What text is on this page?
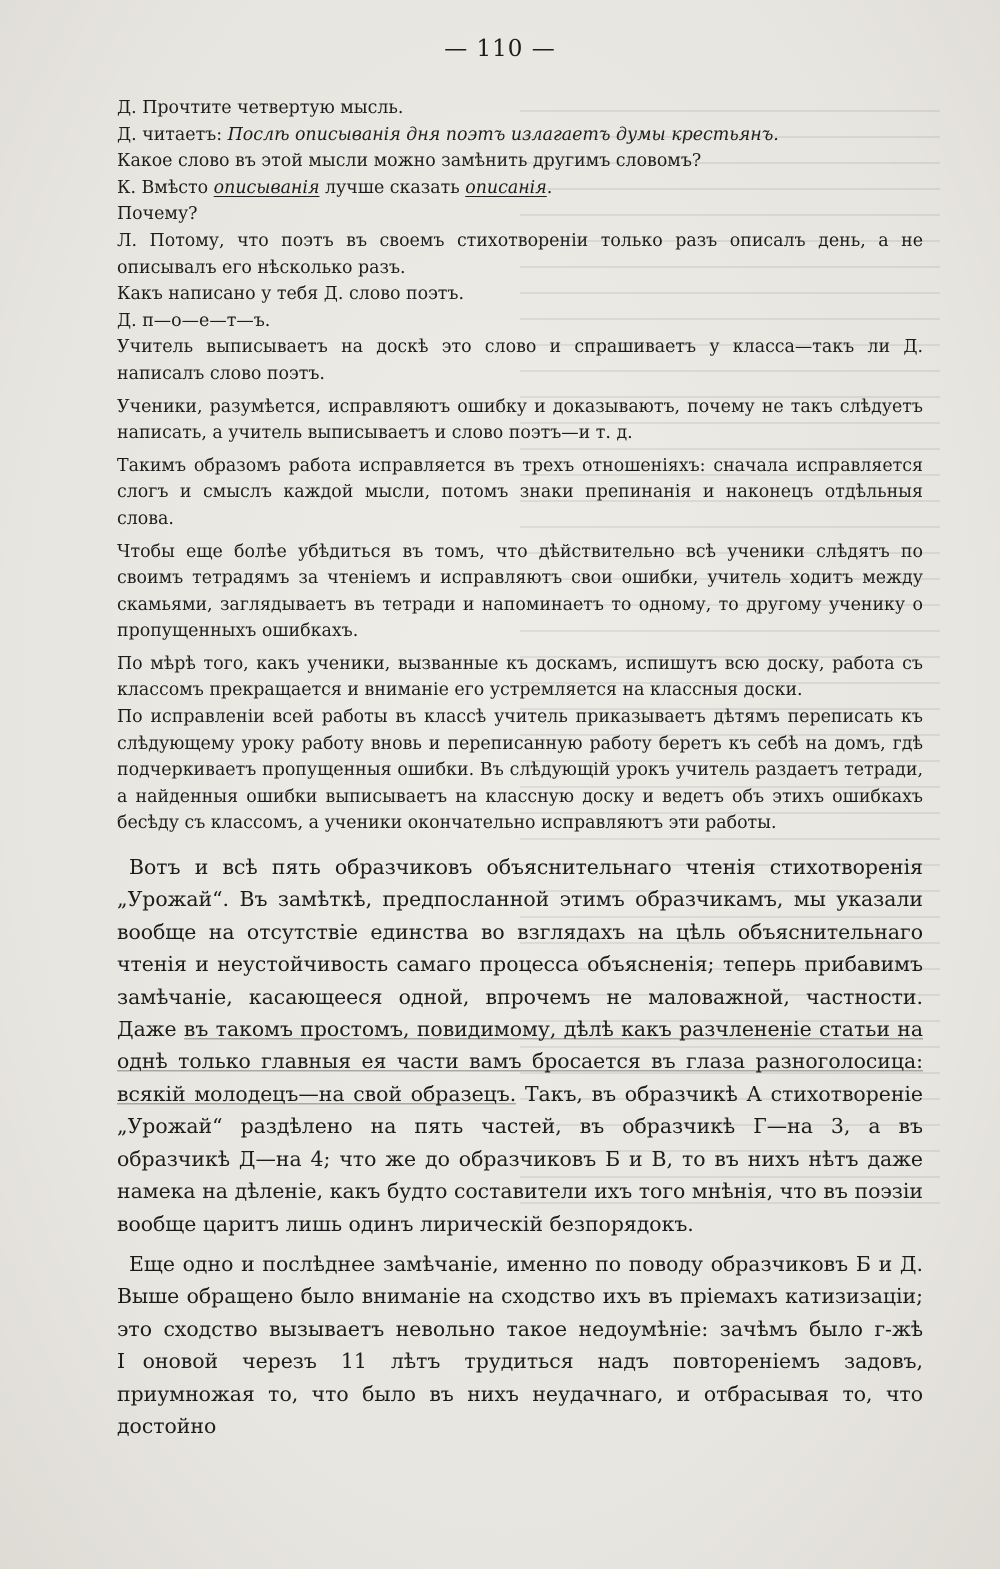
— 110 —

Д. Прочтите четвертую мысль.

Д. читаетъ: Послѣ описыванія дня поэтъ излагаетъ думы крестьянъ.

Какое слово въ этой мысли можно замѣнить другимъ словомъ?

К. Вмѣсто описыванія лучше сказать описанія.

Почему?

Л. Потому, что поэтъ въ своемъ стихотвореніи только разъ описалъ день, а не описывалъ его нѣсколько разъ.

Какъ написано у тебя Д. слово поэтъ.

Д. п—о—е—т—ъ.

Учитель выписываетъ на доскѣ это слово и спрашиваетъ у класса—такъ ли Д. написалъ слово поэтъ.

Ученики, разумѣется, исправляютъ ошибку и доказываютъ, почему не такъ слѣдуетъ написать, а учитель выписываетъ и слово поэтъ—и т. д.

Такимъ образомъ работа исправляется въ трехъ отношеніяхъ: сначала исправляется слогъ и смыслъ каждой мысли, потомъ знаки препинанія и наконецъ отдѣльныя слова.

Чтобы еще болѣе убѣдиться въ томъ, что дѣйствительно всѣ ученики слѣдятъ по своимъ тетрадямъ за чтеніемъ и исправляютъ свои ошибки, учитель ходитъ между скамьями, заглядываетъ въ тетради и напоминаетъ то одному, то другому ученику о пропущенныхъ ошибкахъ.

По мѣрѣ того, какъ ученики, вызванные къ доскамъ, испишутъ всю доску, работа съ классомъ прекращается и вниманіе его устремляется на классныя доски.

По исправленіи всей работы въ классѣ учитель приказываетъ дѣтямъ переписать къ слѣдующему уроку работу вновь и переписанную работу беретъ къ себѣ на домъ, гдѣ подчеркиваетъ пропущенныя ошибки. Въ слѣдующій урокъ учитель раздаетъ тетради, а найденныя ошибки выписываетъ на классную доску и ведетъ объ этихъ ошибкахъ бесѣду съ классомъ, а ученики окончательно исправляютъ эти работы.

Вотъ и всѣ пять образчиковъ объяснительнаго чтенія стихотворенія „Урожай“. Въ замѣткѣ, предпосланной этимъ образчикамъ, мы указали вообще на отсутствіе единства во взглядахъ на цѣль объяснительнаго чтенія и неустойчивость самаго процесса объясненія; теперь прибавимъ замѣчаніе, касающееся одной, впрочемъ не маловажной, частности. Даже въ такомъ простомъ, повидимому, дѣлѣ какъ разчлененіе статьи на однѣ только главныя ея части вамъ бросается въ глаза разноголосица: всякій молодецъ—на свой образецъ. Такъ, въ образчикѣ А стихотвореніе „Урожай“ раздѣлено на пять частей, въ образчикѣ Г—на 3, а въ образчикѣ Д—на 4; что же до образчиковъ Б и В, то въ нихъ нѣтъ даже намека на дѣленіе, какъ будто составители ихъ того мнѣнія, что въ поэзіи вообще царитъ лишь одинъ лирическій безпорядокъ.

Еще одно и послѣднее замѣчаніе, именно по поводу образчиковъ Б и Д. Выше обращено было вниманіе на сходство ихъ въ пріемахъ катизизаціи; это сходство вызываетъ невольно такое недоумѣніе: зачѣмъ было г-жѣ Ⅰоновой черезъ 11 лѣтъ трудиться надъ повтореніемъ задовъ, приумножая то, что было въ нихъ неудачнаго, и отбрасывая то, что достойно
